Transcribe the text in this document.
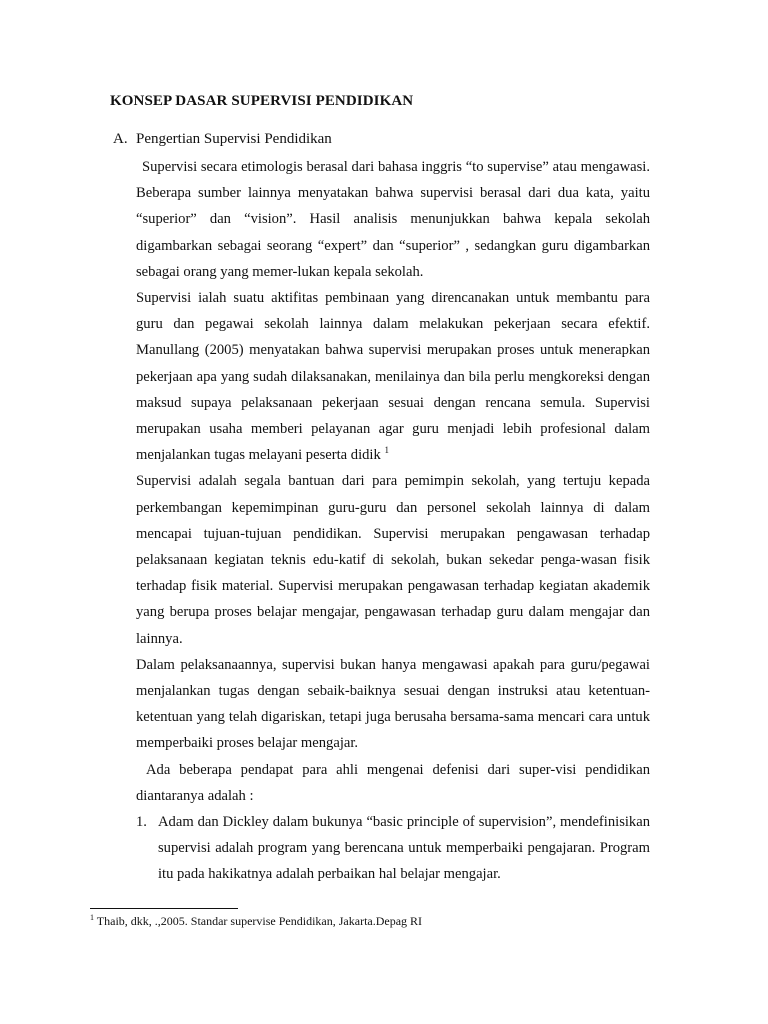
KONSEP DASAR SUPERVISI PENDIDIKAN
A. Pengertian Supervisi Pendidikan

Supervisi secara etimologis berasal dari bahasa inggris “to supervise” atau mengawasi. Beberapa sumber lainnya menyatakan bahwa supervisi berasal dari dua kata, yaitu “superior” dan “vision”. Hasil analisis menunjukkan bahwa kepala sekolah digambarkan sebagai seorang “expert” dan “superior” , sedangkan guru digambarkan sebagai orang yang memer-lukan kepala sekolah.

Supervisi ialah suatu aktifitas pembinaan yang direncanakan untuk membantu para guru dan pegawai sekolah lainnya dalam melakukan pekerjaan secara efektif. Manullang (2005) menyatakan bahwa supervisi merupakan proses untuk menerapkan pekerjaan apa yang sudah dilaksanakan, menilainya dan bila perlu mengkoreksi dengan maksud supaya pelaksanaan pekerjaan sesuai dengan rencana semula. Supervisi merupakan usaha memberi pelayanan agar guru menjadi lebih profesional dalam menjalankan tugas melayani peserta didik $^1$

Supervisi adalah segala bantuan dari para pemimpin sekolah, yang tertuju kepada perkembangan kepemimpinan guru-guru dan personel sekolah lainnya di dalam mencapai tujuan-tujuan pendidikan. Supervisi merupakan pengawasan terhadap pelaksanaan kegiatan teknis edu-katif di sekolah, bukan sekedar penga-wasan fisik terhadap fisik material. Supervisi merupakan pengawasan terhadap kegiatan akademik yang berupa proses belajar mengajar, pengawasan terhadap guru dalam mengajar dan lainnya.

Dalam pelaksanaannya, supervisi bukan hanya mengawasi apakah para guru/pegawai menjalankan tugas dengan sebaik-baiknya sesuai dengan instruksi atau ketentuan-ketentuan yang telah digariskan, tetapi juga berusaha bersama-sama mencari cara untuk memperbaiki proses belajar mengajar.

Ada beberapa pendapat para ahli mengenai defenisi dari super-visi pendidikan diantaranya adalah :

1. Adam dan Dickley dalam bukunya “basic principle of supervision”, mendefinisikan supervisi adalah program yang berencana untuk memperbaiki pengajaran. Program itu pada hakikatnya adalah perbaikan hal belajar mengajar.
$^1$ Thaib, dkk, .,2005. Standar supervise Pendidikan, Jakarta.Depag RI
